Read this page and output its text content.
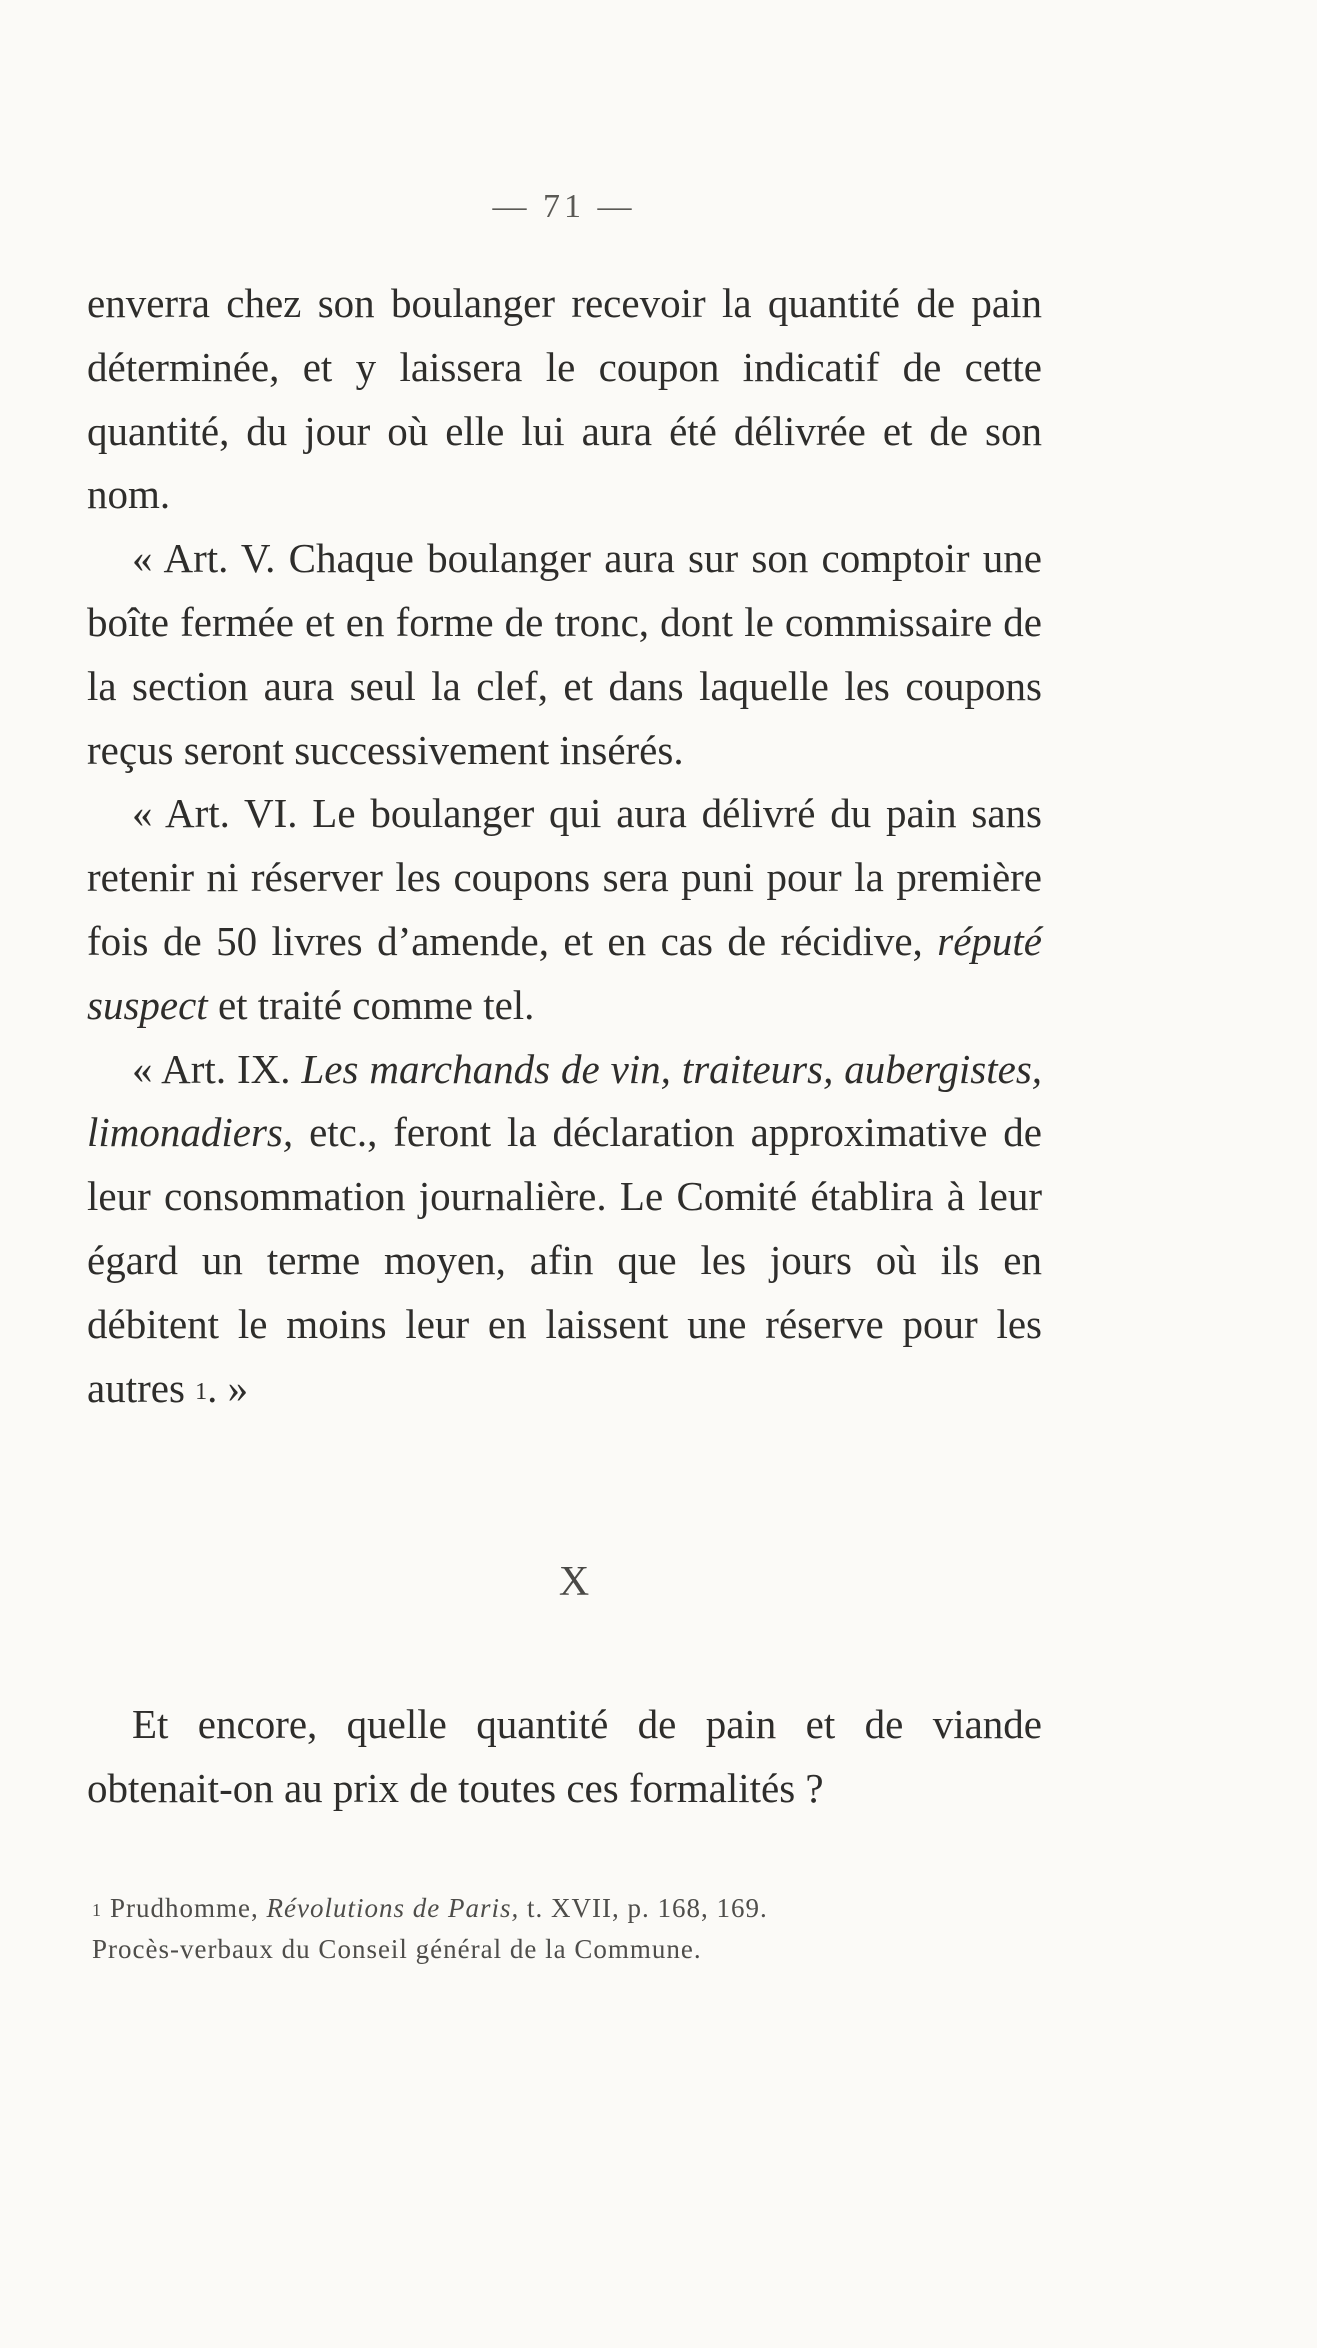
— 71 —

enverra chez son boulanger recevoir la quantité de pain déterminée, et y laissera le coupon indicatif de cette quantité, du jour où elle lui aura été délivrée et de son nom.

« Art. V. Chaque boulanger aura sur son comptoir une boîte fermée et en forme de tronc, dont le commissaire de la section aura seul la clef, et dans laquelle les coupons reçus seront successivement insérés.

« Art. VI. Le boulanger qui aura délivré du pain sans retenir ni réserver les coupons sera puni pour la première fois de 50 livres d’amende, et en cas de récidive, réputé suspect et traité comme tel.

« Art. IX. Les marchands de vin, traiteurs, aubergistes, limonadiers, etc., feront la déclaration approximative de leur consommation journalière. Le Comité établira à leur égard un terme moyen, afin que les jours où ils en débitent le moins leur en laissent une réserve pour les autres $^1$. »

X

Et encore, quelle quantité de pain et de viande obtenait-on au prix de toutes ces formalités ?

$^1$ Prudhomme, Révolutions de Paris, t. XVII, p. 168, 169.

Procès-verbaux du Conseil général de la Commune.
